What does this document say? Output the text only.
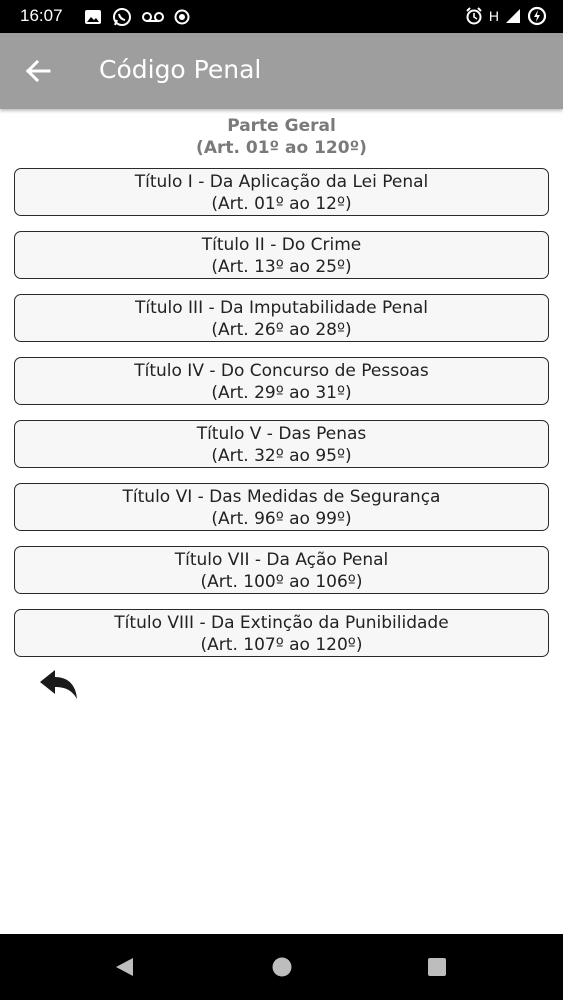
16:07	H
Código Penal
Parte Geral
(Art. 01º ao 120º)
Título I - Da Aplicação da Lei Penal
(Art. 01º ao 12º)
Título II - Do Crime
(Art. 13º ao 25º)
Título III - Da Imputabilidade Penal
(Art. 26º ao 28º)
Título IV - Do Concurso de Pessoas
(Art. 29º ao 31º)
Título V - Das Penas
(Art. 32º ao 95º)
Título VI - Das Medidas de Segurança
(Art. 96º ao 99º)
Título VII - Da Ação Penal
(Art. 100º ao 106º)
Título VIII - Da Extinção da Punibilidade
(Art. 107º ao 120º)
